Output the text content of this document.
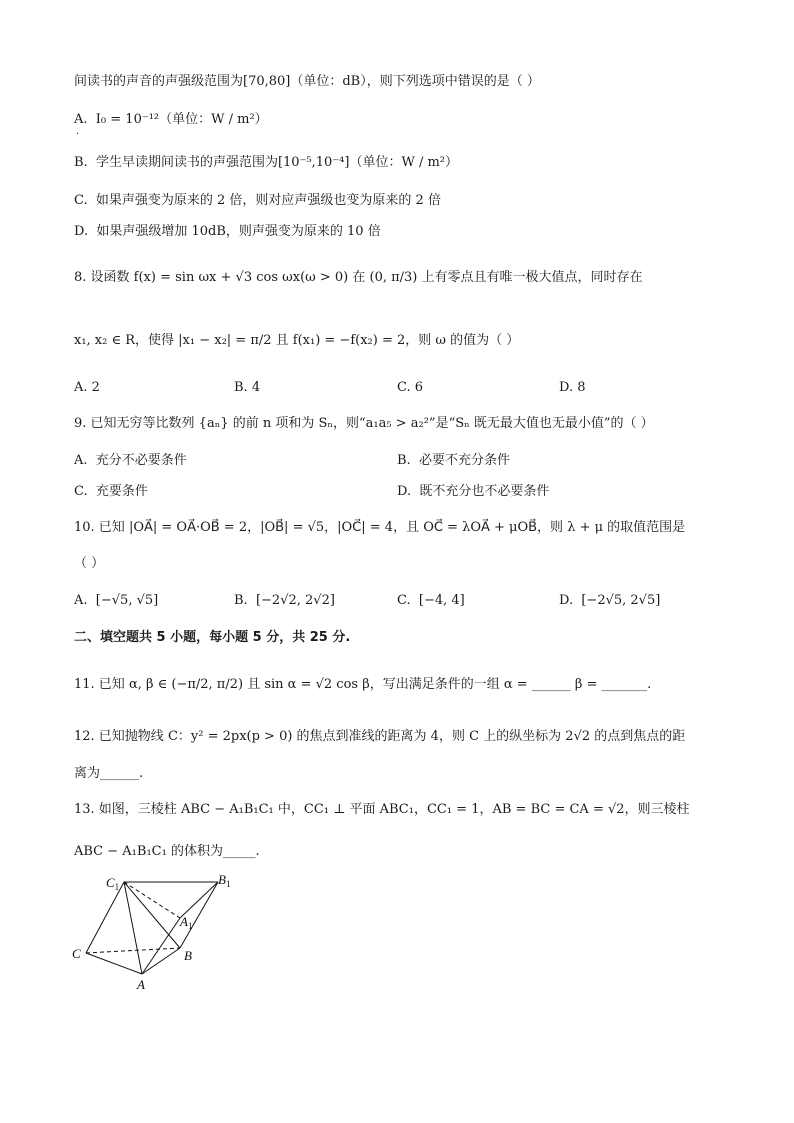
间读书的声音的声强级范围为[70,80]（单位：dB），则下列选项中错误的是（ ）
A. I₀ = 10⁻¹²（单位：W / m²）
.
B. 学生早读期间读书的声强范围为[10⁻⁵,10⁻⁴]（单位：W / m²）
C. 如果声强变为原来的 2 倍，则对应声强级也变为原来的 2 倍
D. 如果声强级增加 10dB，则声强变为原来的 10 倍
8. 设函数 f(x) = sin ωx + √3 cos ωx(ω > 0) 在 (0, π/3) 上有零点且有唯一极大值点，同时存在
x₁, x₂ ∈ R，使得 |x₁ − x₂| = π/2 且 f(x₁) = −f(x₂) = 2，则 ω 的值为（ ）
A. 2	B. 4	C. 6	D. 8
9. 已知无穷等比数列 {aₙ} 的前 n 项和为 Sₙ，则“a₁a₅ > a₂²”是“Sₙ 既无最大值也无最小值”的（ ）
A. 充分不必要条件	B. 必要不充分条件
C. 充要条件	D. 既不充分也不必要条件
10. 已知 |OA⃗| = OA⃗·OB⃗ = 2，|OB⃗| = √5，|OC⃗| = 4，且 OC⃗ = λOA⃗ + μOB⃗，则 λ + μ 的取值范围是
（ ）
A. [−√5, √5]	B. [−2√2, 2√2]	C. [−4, 4]	D. [−2√5, 2√5]
二、填空题共 5 小题，每小题 5 分，共 25 分.
11. 已知 α, β ∈ (−π/2, π/2) 且 sin α = √2 cos β，写出满足条件的一组 α = ______ β = _______.
12. 已知抛物线 C：y² = 2px(p > 0) 的焦点到准线的距离为 4，则 C 上的纵坐标为 2√2 的点到焦点的距
离为______.
13. 如图，三棱柱 ABC − A₁B₁C₁ 中，CC₁ ⊥ 平面 ABC₁，CC₁ = 1，AB = BC = CA = √2，则三棱柱
ABC − A₁B₁C₁ 的体积为_____.
$C_1$	$B_1$
$A_1$
C	B
A
